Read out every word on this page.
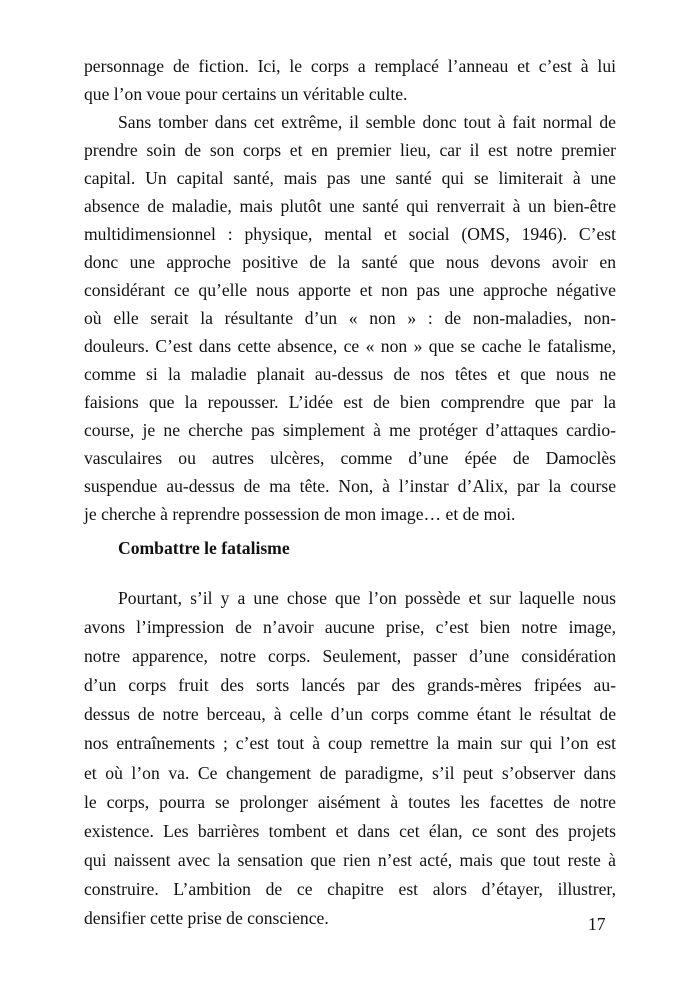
personnage de fiction. Ici, le corps a remplacé l’anneau et c’est à lui
que l’on voue pour certains un véritable culte.
Sans tomber dans cet extrême, il semble donc tout à fait normal de
prendre soin de son corps et en premier lieu, car il est notre premier
capital. Un capital santé, mais pas une santé qui se limiterait à une
absence de maladie, mais plutôt une santé qui renverrait à un bien-être
multidimensionnel : physique, mental et social (OMS, 1946). C’est
donc une approche positive de la santé que nous devons avoir en
considérant ce qu’elle nous apporte et non pas une approche négative
où elle serait la résultante d’un « non » : de non-maladies, non-
douleurs. C’est dans cette absence, ce « non » que se cache le fatalisme,
comme si la maladie planait au-dessus de nos têtes et que nous ne
faisions que la repousser. L’idée est de bien comprendre que par la
course, je ne cherche pas simplement à me protéger d’attaques cardio-
vasculaires ou autres ulcères, comme d’une épée de Damoclès
suspendue au-dessus de ma tête. Non, à l’instar d’Alix, par la course
je cherche à reprendre possession de mon image… et de moi.
Combattre le fatalisme
Pourtant, s’il y a une chose que l’on possède et sur laquelle nous
avons l’impression de n’avoir aucune prise, c’est bien notre image,
notre apparence, notre corps. Seulement, passer d’une considération
d’un corps fruit des sorts lancés par des grands-mères fripées au-
dessus de notre berceau, à celle d’un corps comme étant le résultat de
nos entraînements ; c’est tout à coup remettre la main sur qui l’on est
et où l’on va. Ce changement de paradigme, s’il peut s’observer dans
le corps, pourra se prolonger aisément à toutes les facettes de notre
existence. Les barrières tombent et dans cet élan, ce sont des projets
qui naissent avec la sensation que rien n’est acté, mais que tout reste à
construire. L’ambition de ce chapitre est alors d’étayer, illustrer,
densifier cette prise de conscience.	17
